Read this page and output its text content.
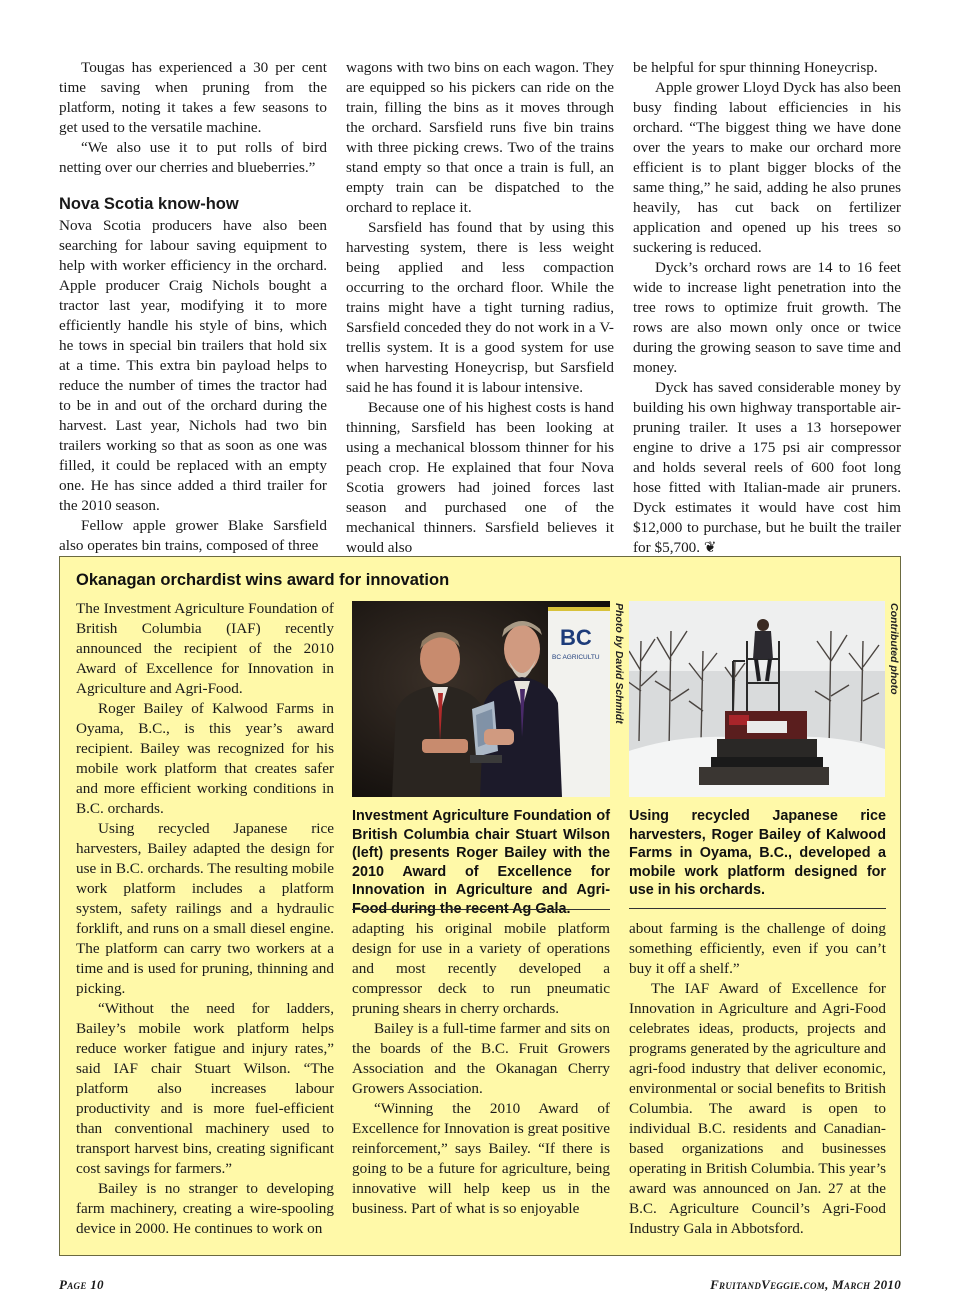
Tougas has experienced a 30 per cent time saving when pruning from the platform, noting it takes a few seasons to get used to the versatile machine.

“We also use it to put rolls of bird netting over our cherries and blueberries.”

Nova Scotia know-how

Nova Scotia producers have also been searching for labour saving equipment to help with worker efficiency in the orchard. Apple producer Craig Nichols bought a tractor last year, modifying it to more efficiently handle his style of bins, which he tows in special bin trailers that hold six at a time. This extra bin payload helps to reduce the number of times the tractor had to be in and out of the orchard during the harvest. Last year, Nichols had two bin trailers working so that as soon as one was filled, it could be replaced with an empty one. He has since added a third trailer for the 2010 season.

Fellow apple grower Blake Sarsfield also operates bin trains, composed of three

wagons with two bins on each wagon. They are equipped so his pickers can ride on the train, filling the bins as it moves through the orchard. Sarsfield runs five bin trains with three picking crews. Two of the trains stand empty so that once a train is full, an empty train can be dispatched to the orchard to replace it.

Sarsfield has found that by using this harvesting system, there is less weight being applied and less compaction occurring to the orchard floor. While the trains might have a tight turning radius, Sarsfield conceded they do not work in a V-trellis system. It is a good system for use when harvesting Honeycrisp, but Sarsfield said he has found it is labour intensive.

Because one of his highest costs is hand thinning, Sarsfield has been looking at using a mechanical blossom thinner for his peach crop. He explained that four Nova Scotia growers had joined forces last season and purchased one of the mechanical thinners. Sarsfield believes it would also

be helpful for spur thinning Honeycrisp.

Apple grower Lloyd Dyck has also been busy finding labout efficiencies in his orchard. “The biggest thing we have done over the years to make our orchard more efficient is to plant bigger blocks of the same thing,” he said, adding he also prunes heavily, has cut back on fertilizer application and opened up his trees so suckering is reduced.

Dyck’s orchard rows are 14 to 16 feet wide to increase light penetration into the tree rows to optimize fruit growth. The rows are also mown only once or twice during the growing season to save time and money.

Dyck has saved considerable money by building his own highway transportable air-pruning trailer. It uses a 13 horsepower engine to drive a 175 psi air compressor and holds several reels of 600 foot long hose fitted with Italian-made air pruners. Dyck estimates it would have cost him $12,000 to purchase, but he built the trailer for $5,700. ❦

Okanagan orchardist wins award for innovation

The Investment Agriculture Foundation of British Columbia (IAF) recently announced the recipient of the 2010 Award of Excellence for Innovation in Agriculture and Agri-Food.

Roger Bailey of Kalwood Farms in Oyama, B.C., is this year’s award recipient. Bailey was recognized for his mobile work platform that creates safer and more efficient working conditions in B.C. orchards.

Using recycled Japanese rice harvesters, Bailey adapted the design for use in B.C. orchards. The resulting mobile work platform includes a platform system, safety railings and a hydraulic forklift, and runs on a small diesel engine. The platform can carry two workers at a time and is used for pruning, thinning and picking.

“Without the need for ladders, Bailey’s mobile work platform helps reduce worker fatigue and injury rates,” said IAF chair Stuart Wilson. “The platform also increases labour productivity and is more fuel-efficient than conventional machinery used to transport harvest bins, creating significant cost savings for farmers.”

Bailey is no stranger to developing farm machinery, creating a wire-spooling device in 2000. He continues to work on

BC
BC AGRICULTU Photo by David Schmidt	Contributed photo
Investment Agriculture Foundation of British Columbia chair Stuart Wilson (left) presents Roger Bailey with the 2010 Award of Excellence for Innovation in Agriculture and Agri-Food during the recent Ag Gala.
Using recycled Japanese rice harvesters, Roger Bailey of Kalwood Farms in Oyama, B.C., developed a mobile work platform designed for use in his orchards.

adapting his original mobile platform design for use in a variety of operations and most recently developed a compressor deck to run pneumatic pruning shears in cherry orchards.

Bailey is a full-time farmer and sits on the boards of the B.C. Fruit Growers Association and the Okanagan Cherry Growers Association.

“Winning the 2010 Award of Excellence for Innovation is great positive reinforcement,” says Bailey. “If there is going to be a future for agriculture, being innovative will help keep us in the business. Part of what is so enjoyable

about farming is the challenge of doing something efficiently, even if you can’t buy it off a shelf.”

The IAF Award of Excellence for Innovation in Agriculture and Agri-Food celebrates ideas, products, projects and programs generated by the agriculture and agri-food industry that deliver economic, environmental or social benefits to British Columbia. The award is open to individual B.C. residents and Canadian-based organizations and businesses operating in British Columbia. This year’s award was announced on Jan. 27 at the B.C. Agriculture Council’s Agri-Food Industry Gala in Abbotsford.

Page 10	FruitandVeggie.com, March 2010
